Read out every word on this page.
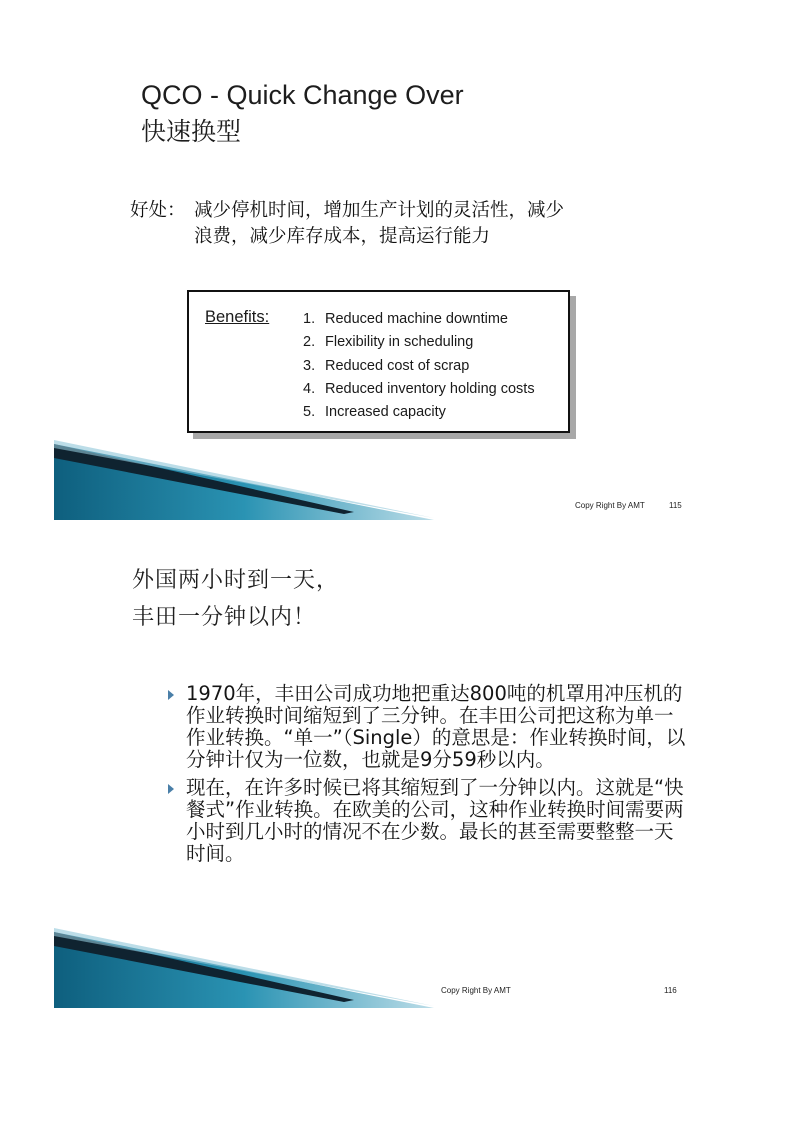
QCO - Quick Change Over
快速换型
好处： 减少停机时间，增加生产计划的灵活性，减少
浪费，减少库存成本，提高运行能力
Benefits: 1. Reduced machine downtime
2. Flexibility in scheduling
3. Reduced cost of scrap
4. Reduced inventory holding costs
5. Increased capacity
Copy Right By AMT	115
外国两小时到一天，
丰田一分钟以内！
1970年，丰田公司成功地把重达800吨的机罩用冲压机的作业转换时间缩短到了三分钟。在丰田公司把这称为单一作业转换。“单一”（Single）的意思是：作业转换时间，以分钟计仅为一位数，也就是9分59秒以内。
现在，在许多时候已将其缩短到了一分钟以内。这就是“快餐式”作业转换。在欧美的公司，这种作业转换时间需要两小时到几小时的情况不在少数。最长的甚至需要整整一天时间。
Copy Right By AMT	116
